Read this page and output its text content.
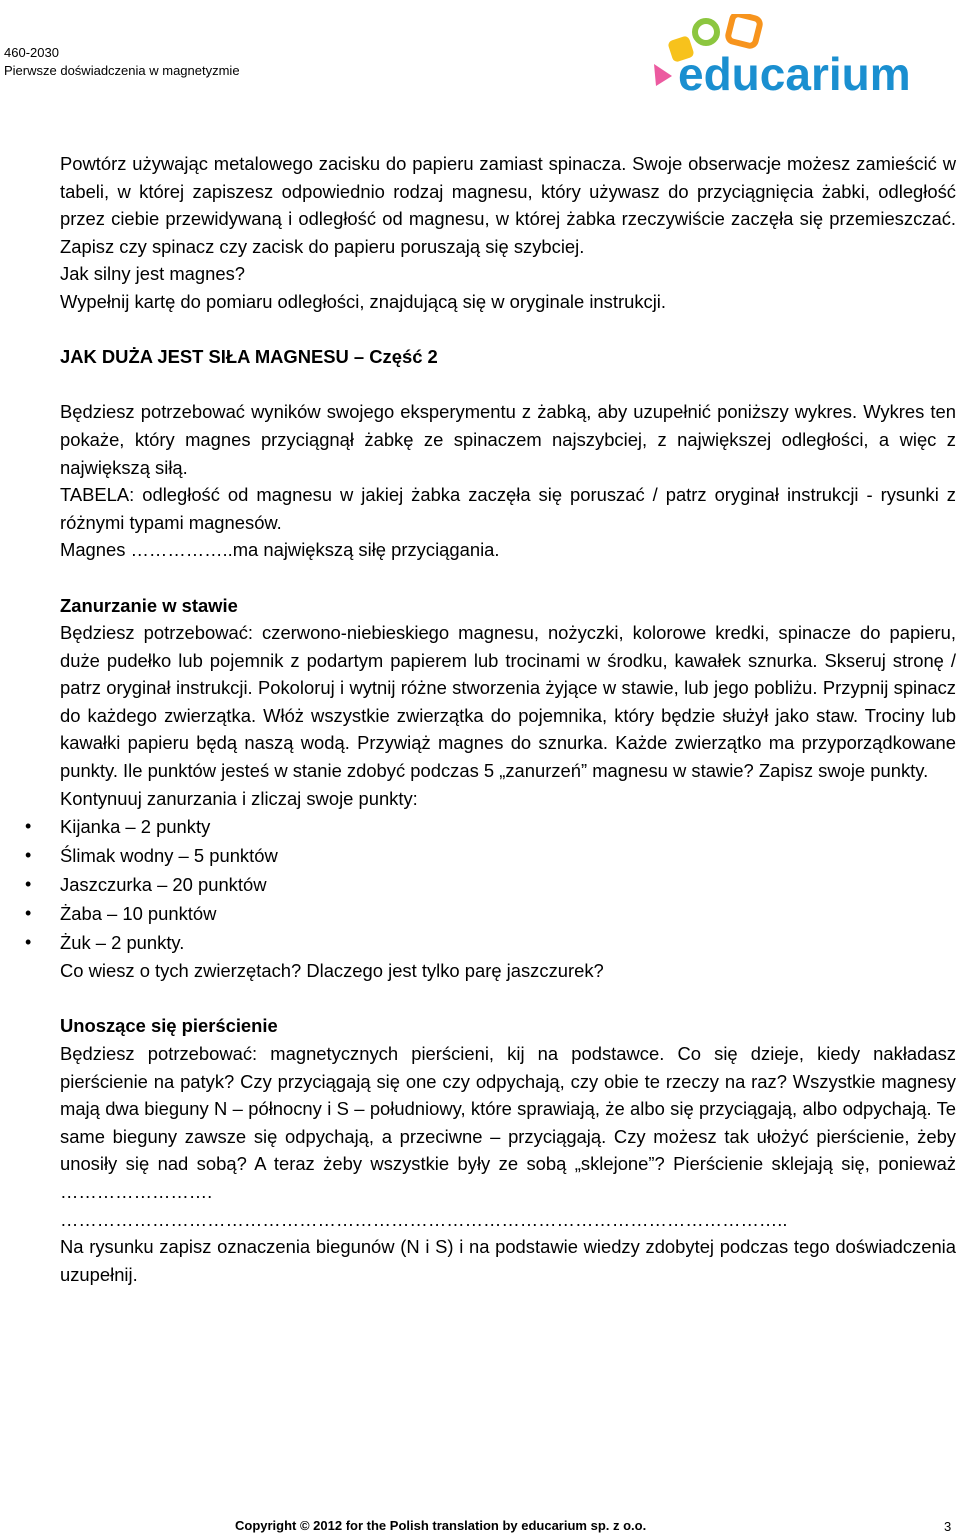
460-2030
Pierwsze doświadczenia w magnetyzmie	educarium

Powtórz używając metalowego zacisku do papieru zamiast spinacza. Swoje obserwacje możesz zamieścić w tabeli, w której zapiszesz odpowiednio rodzaj magnesu, który używasz do przyciągnięcia żabki, odległość przez ciebie przewidywaną i odległość od magnesu, w której żabka rzeczywiście zaczęła się przemieszczać. Zapisz czy spinacz czy zacisk do papieru poruszają się szybciej.

Jak silny jest magnes?

Wypełnij kartę do pomiaru odległości, znajdującą się w oryginale instrukcji.

JAK DUŻA JEST SIŁA MAGNESU – Część 2

Będziesz potrzebować wyników swojego eksperymentu z żabką, aby uzupełnić poniższy wykres. Wykres ten pokaże, który magnes przyciągnął żabkę ze spinaczem najszybciej, z największej odległości, a więc z największą siłą.

TABELA: odległość od magnesu w jakiej żabka zaczęła się poruszać / patrz oryginał instrukcji - rysunki z różnymi typami magnesów.

Magnes ……………..ma największą siłę przyciągania.

Zanurzanie w stawie

Będziesz potrzebować: czerwono-niebieskiego magnesu, nożyczki, kolorowe kredki, spinacze do papieru, duże pudełko lub pojemnik z podartym papierem lub trocinami w środku, kawałek sznurka. Skseruj stronę / patrz oryginał instrukcji. Pokoloruj i wytnij różne stworzenia żyjące w stawie, lub jego pobliżu. Przypnij spinacz do każdego zwierzątka. Włóż wszystkie zwierzątka do pojemnika, który będzie służył jako staw. Trociny lub kawałki papieru będą naszą wodą. Przywiąż magnes do sznurka. Każde zwierzątko ma przyporządkowane punkty. Ile punktów jesteś w stanie zdobyć podczas 5 „zanurzeń” magnesu w stawie? Zapisz swoje punkty.

Kontynuuj zanurzania i zliczaj swoje punkty:

• Kijanka – 2 punkty
• Ślimak wodny – 5 punktów
• Jaszczurka – 20 punktów
• Żaba – 10 punktów
• Żuk – 2 punkty.

Co wiesz o tych zwierzętach? Dlaczego jest tylko parę jaszczurek?

Unoszące się pierścienie

Będziesz potrzebować: magnetycznych pierścieni, kij na podstawce. Co się dzieje, kiedy nakładasz pierścienie na patyk? Czy przyciągają się one czy odpychają, czy obie te rzeczy na raz? Wszystkie magnesy mają dwa bieguny N – północny i S – południowy, które sprawiają, że albo się przyciągają, albo odpychają. Te same bieguny zawsze się odpychają, a przeciwne – przyciągają. Czy możesz tak ułożyć pierścienie, żeby unosiły się nad sobą? A teraz żeby wszystkie były ze sobą „sklejone”? Pierścienie sklejają się, ponieważ …………………….

………………………………………………………………………………………………………..

Na rysunku zapisz oznaczenia biegunów (N i S) i na podstawie wiedzy zdobytej podczas tego doświadczenia uzupełnij.

Copyright © 2012 for the Polish translation by educarium sp. z o.o.	3
